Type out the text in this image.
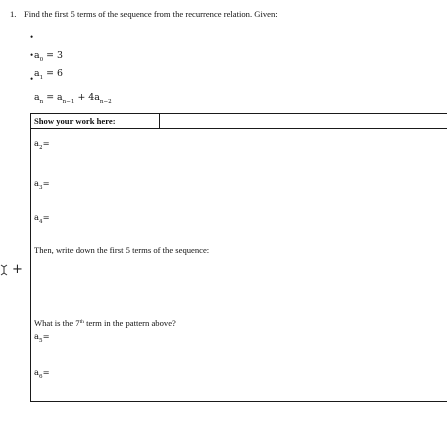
1. Find the first 5 terms of the sequence from the recurrence relation. Given:
• $a_0 = 3$
• $a_1 = 6$
• $a_n = a_{n-1} + 4a_{n-2}$
Show your work here:
$a_2=$
$a_3=$
$a_4=$
Then, write down the first 5 terms of the sequence:
What is the 7th term in the pattern above?
$a_5=$
$a_6=$
+
